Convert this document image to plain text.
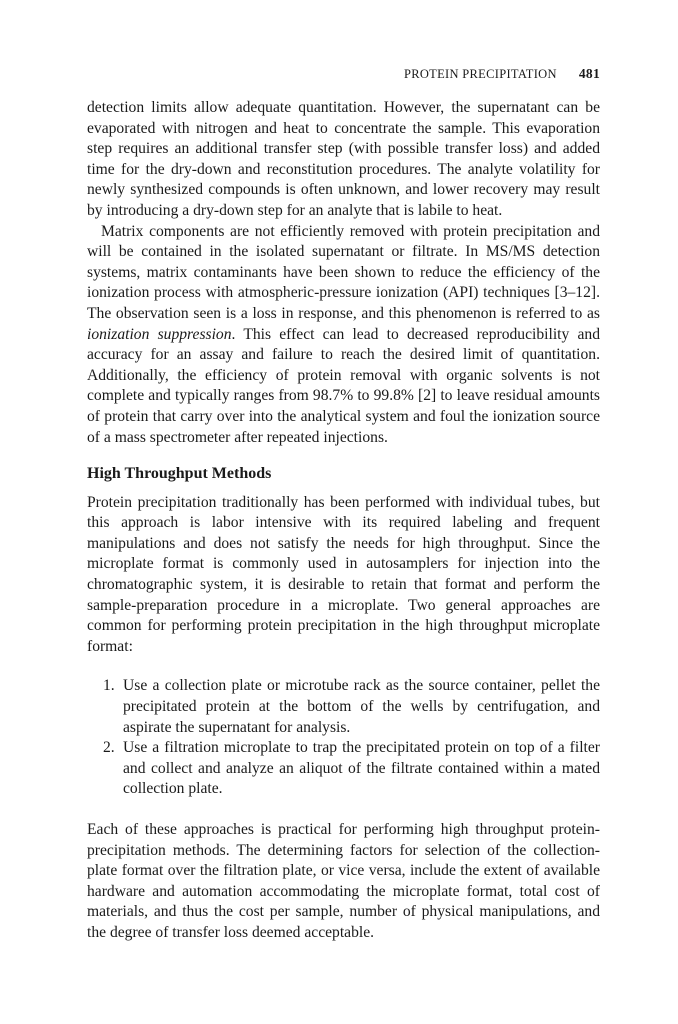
PROTEIN PRECIPITATION 481

detection limits allow adequate quantitation. However, the supernatant can be evaporated with nitrogen and heat to concentrate the sample. This evaporation step requires an additional transfer step (with possible transfer loss) and added time for the dry-down and reconstitution procedures. The analyte volatility for newly synthesized compounds is often unknown, and lower recovery may result by introducing a dry-down step for an analyte that is labile to heat.

Matrix components are not efficiently removed with protein precipitation and will be contained in the isolated supernatant or filtrate. In MS/MS detection systems, matrix contaminants have been shown to reduce the efficiency of the ionization process with atmospheric-pressure ionization (API) techniques [3–12]. The observation seen is a loss in response, and this phenomenon is referred to as ionization suppression. This effect can lead to decreased reproducibility and accuracy for an assay and failure to reach the desired limit of quantitation. Additionally, the efficiency of protein removal with organic solvents is not complete and typically ranges from 98.7% to 99.8% [2] to leave residual amounts of protein that carry over into the analytical system and foul the ionization source of a mass spectrometer after repeated injections.

High Throughput Methods

Protein precipitation traditionally has been performed with individual tubes, but this approach is labor intensive with its required labeling and frequent manipulations and does not satisfy the needs for high throughput. Since the microplate format is commonly used in autosamplers for injection into the chromatographic system, it is desirable to retain that format and perform the sample-preparation procedure in a microplate. Two general approaches are common for performing protein precipitation in the high throughput microplate format:

1. Use a collection plate or microtube rack as the source container, pellet the precipitated protein at the bottom of the wells by centrifugation, and aspirate the supernatant for analysis.
2. Use a filtration microplate to trap the precipitated protein on top of a filter and collect and analyze an aliquot of the filtrate contained within a mated collection plate.

Each of these approaches is practical for performing high throughput protein-precipitation methods. The determining factors for selection of the collection-plate format over the filtration plate, or vice versa, include the extent of available hardware and automation accommodating the microplate format, total cost of materials, and thus the cost per sample, number of physical manipulations, and the degree of transfer loss deemed acceptable.
